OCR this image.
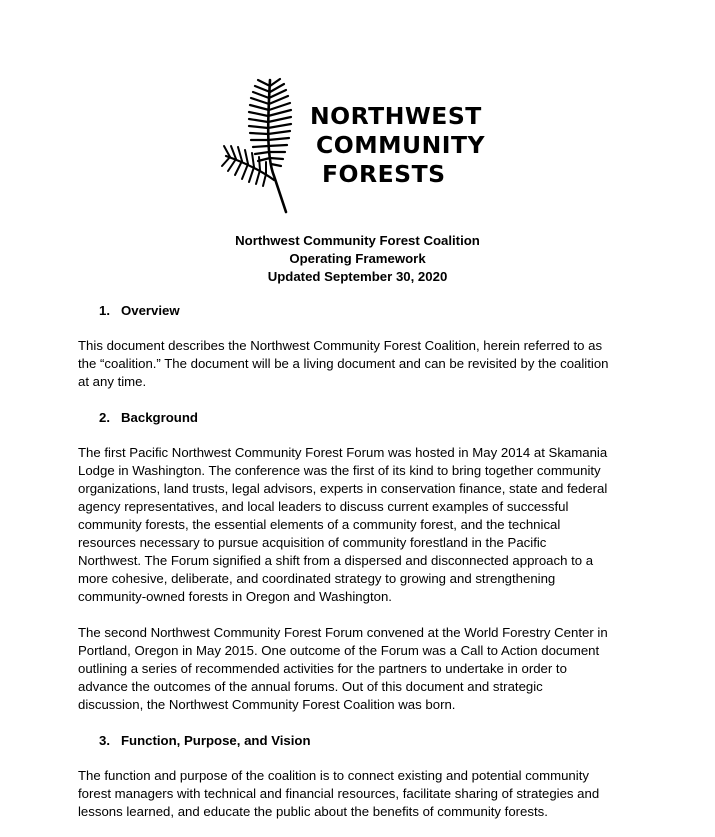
NORTHWEST
COMMUNITY
FORESTS
Northwest Community Forest Coalition
Operating Framework
Updated September 30, 2020
1. Overview

This document describes the Northwest Community Forest Coalition, herein referred to as
the “coalition.” The document will be a living document and can be revisited by the coalition
at any time.

2. Background

The first Pacific Northwest Community Forest Forum was hosted in May 2014 at Skamania
Lodge in Washington. The conference was the first of its kind to bring together community
organizations, land trusts, legal advisors, experts in conservation finance, state and federal
agency representatives, and local leaders to discuss current examples of successful
community forests, the essential elements of a community forest, and the technical
resources necessary to pursue acquisition of community forestland in the Pacific
Northwest. The Forum signified a shift from a dispersed and disconnected approach to a
more cohesive, deliberate, and coordinated strategy to growing and strengthening
community-owned forests in Oregon and Washington.

The second Northwest Community Forest Forum convened at the World Forestry Center in
Portland, Oregon in May 2015. One outcome of the Forum was a Call to Action document
outlining a series of recommended activities for the partners to undertake in order to
advance the outcomes of the annual forums. Out of this document and strategic
discussion, the Northwest Community Forest Coalition was born.

3. Function, Purpose, and Vision

The function and purpose of the coalition is to connect existing and potential community
forest managers with technical and financial resources, facilitate sharing of strategies and
lessons learned, and educate the public about the benefits of community forests.
